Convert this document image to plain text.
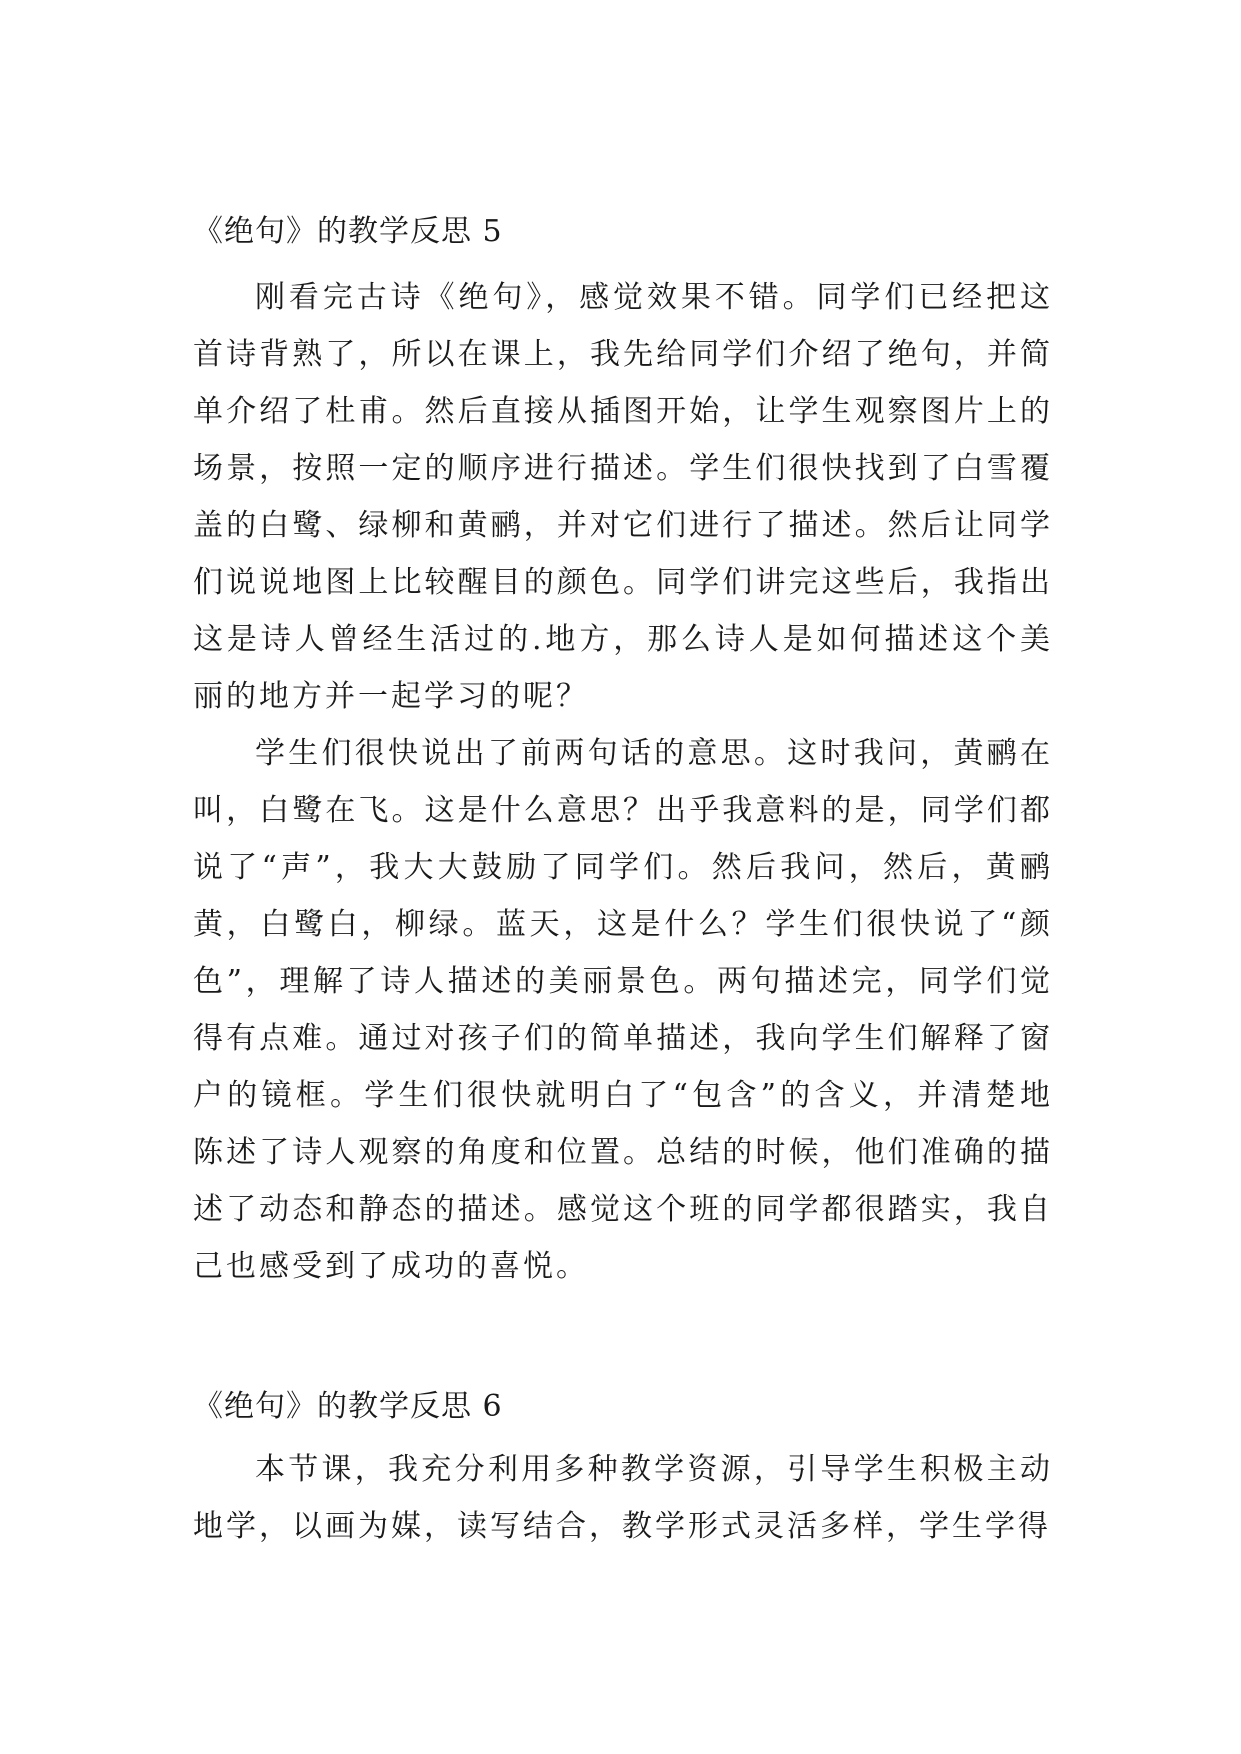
《绝句》的教学反思 5

刚看完古诗《绝句》，感觉效果不错。同学们已经把这首诗背熟了，所以在课上，我先给同学们介绍了绝句，并简单介绍了杜甫。然后直接从插图开始，让学生观察图片上的场景，按照一定的顺序进行描述。学生们很快找到了白雪覆盖的白鹭、绿柳和黄鹂，并对它们进行了描述。然后让同学们说说地图上比较醒目的颜色。同学们讲完这些后，我指出这是诗人曾经生活过的.地方，那么诗人是如何描述这个美丽的地方并一起学习的呢？

学生们很快说出了前两句话的意思。这时我问，黄鹂在叫，白鹭在飞。这是什么意思？出乎我意料的是，同学们都说了“声”，我大大鼓励了同学们。然后我问，然后，黄鹂黄，白鹭白，柳绿。蓝天，这是什么？学生们很快说了“颜色”，理解了诗人描述的美丽景色。两句描述完，同学们觉得有点难。通过对孩子们的简单描述，我向学生们解释了窗户的镜框。学生们很快就明白了“包含”的含义，并清楚地陈述了诗人观察的角度和位置。总结的时候，他们准确的描述了动态和静态的描述。感觉这个班的同学都很踏实，我自己也感受到了成功的喜悦。

《绝句》的教学反思 6

本节课，我充分利用多种教学资源，引导学生积极主动地学，以画为媒，读写结合，教学形式灵活多样，学生学得
